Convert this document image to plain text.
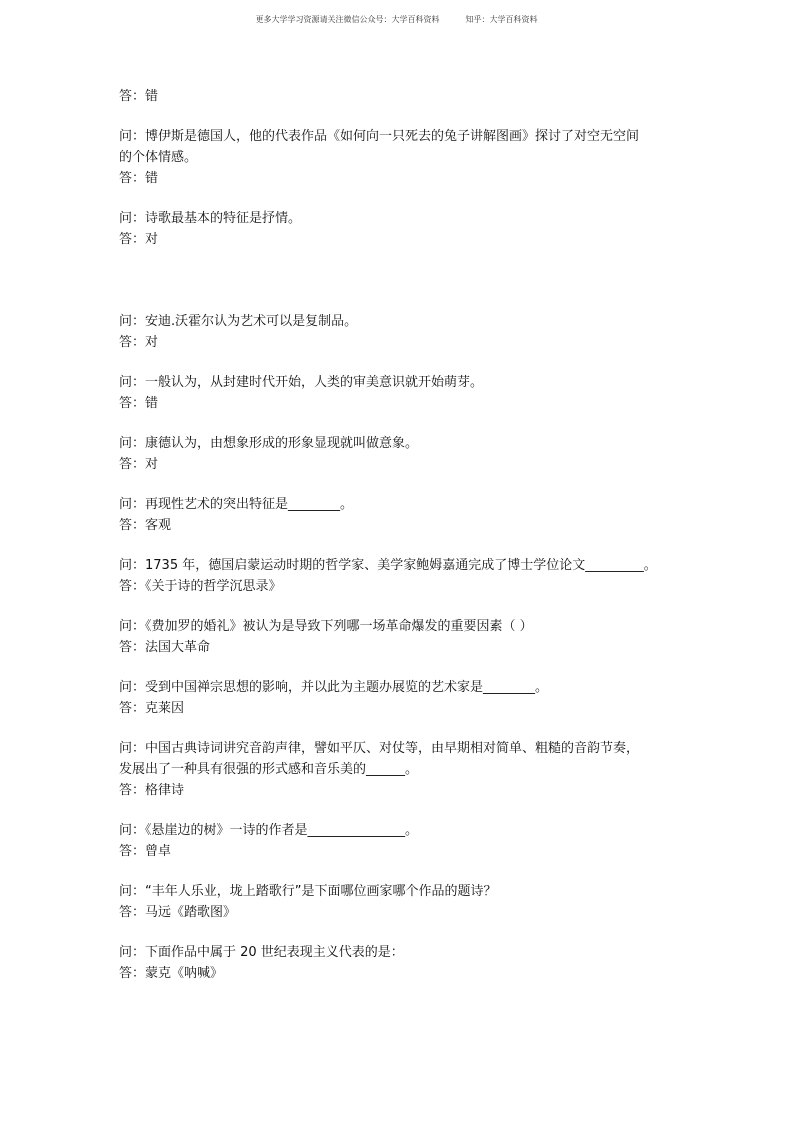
更多大学学习资源请关注微信公众号：大学百科资料	知乎：大学百科资料
答：错
问：博伊斯是德国人，他的代表作品《如何向一只死去的兔子讲解图画》探讨了对空无空间
的个体情感。
答：错
问：诗歌最基本的特征是抒情。
答：对
问：安迪.沃霍尔认为艺术可以是复制品。
答：对
问：一般认为，从封建时代开始，人类的审美意识就开始萌芽。
答：错
问：康德认为，由想象形成的形象显现就叫做意象。
答：对
问：再现性艺术的突出特征是________。
答：客观
问：1735 年，德国启蒙运动时期的哲学家、美学家鲍姆嘉通完成了博士学位论文_________。
答：《关于诗的哲学沉思录》
问：《费加罗的婚礼》被认为是导致下列哪一场革命爆发的重要因素（ ）
答：法国大革命
问：受到中国禅宗思想的影响，并以此为主题办展览的艺术家是________。
答：克莱因
问：中国古典诗词讲究音韵声律，譬如平仄、对仗等，由早期相对简单、粗糙的音韵节奏，
发展出了一种具有很强的形式感和音乐美的______。
答：格律诗
问：《悬崖边的树》一诗的作者是_______________。
答：曾卓
问：“丰年人乐业，垅上踏歌行”是下面哪位画家哪个作品的题诗？
答：马远《踏歌图》
问：下面作品中属于 20 世纪表现主义代表的是：
答：蒙克《呐喊》
